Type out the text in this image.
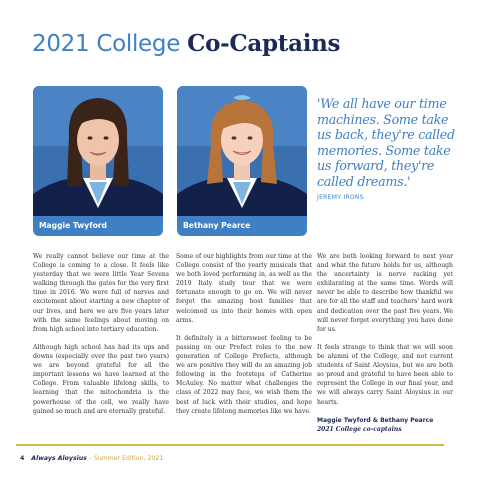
2021 College Co-Captains
Maggie Twyford	Bethany Pearce
'We all have our time machines. Some take us back, they're called memories. Some take us forward, they're called dreams.'
JEREMY IRONS

We really cannot believe our time at the College is coming to a close. It feels like yesterday that we were little Year Sevens walking through the gates for the very first time in 2016. We were full of nerves and excitement about starting a new chapter of our lives, and here we are five years later with the same feelings about moving on from high school into tertiary education.

Although high school has had its ups and downs (especially over the past two years) we are beyond grateful for all the important lessons we have learned at the College. From valuable lifelong skills, to learning that the mitochondria is the powerhouse of the cell, we really have gained so much and are eternally grateful.

Some of our highlights from our time at the College consist of the yearly musicals that we both loved performing in, as well as the 2019 Italy study tour that we were fortunate enough to go on. We will never forget the amazing host families that welcomed us into their homes with open arms.

It definitely is a bittersweet feeling to be passing on our Prefect roles to the new generation of College Prefects, although we are positive they will do an amazing job following in the footsteps of Catherine McAuley. No matter what challenges the class of 2022 may face, we wish them the best of luck with their studies, and hope they create lifelong memories like we have.

We are both looking forward to next year and what the future holds for us, although the uncertainty is nerve racking yet exhilarating at the same time. Words will never be able to describe how thankful we are for all the staff and teachers' hard work and dedication over the past five years. We will never forget everything you have done for us.

It feels strange to think that we will soon be alumni of the College, and not current students of Saint Aloysius, but we are both so proud and grateful to have been able to represent the College in our final year, and we will always carry Saint Aloysius in our hearts.

Maggie Twyford & Bethany Pearce
2021 College co-captains
4 Always Aloysius – Summer Edition, 2021
